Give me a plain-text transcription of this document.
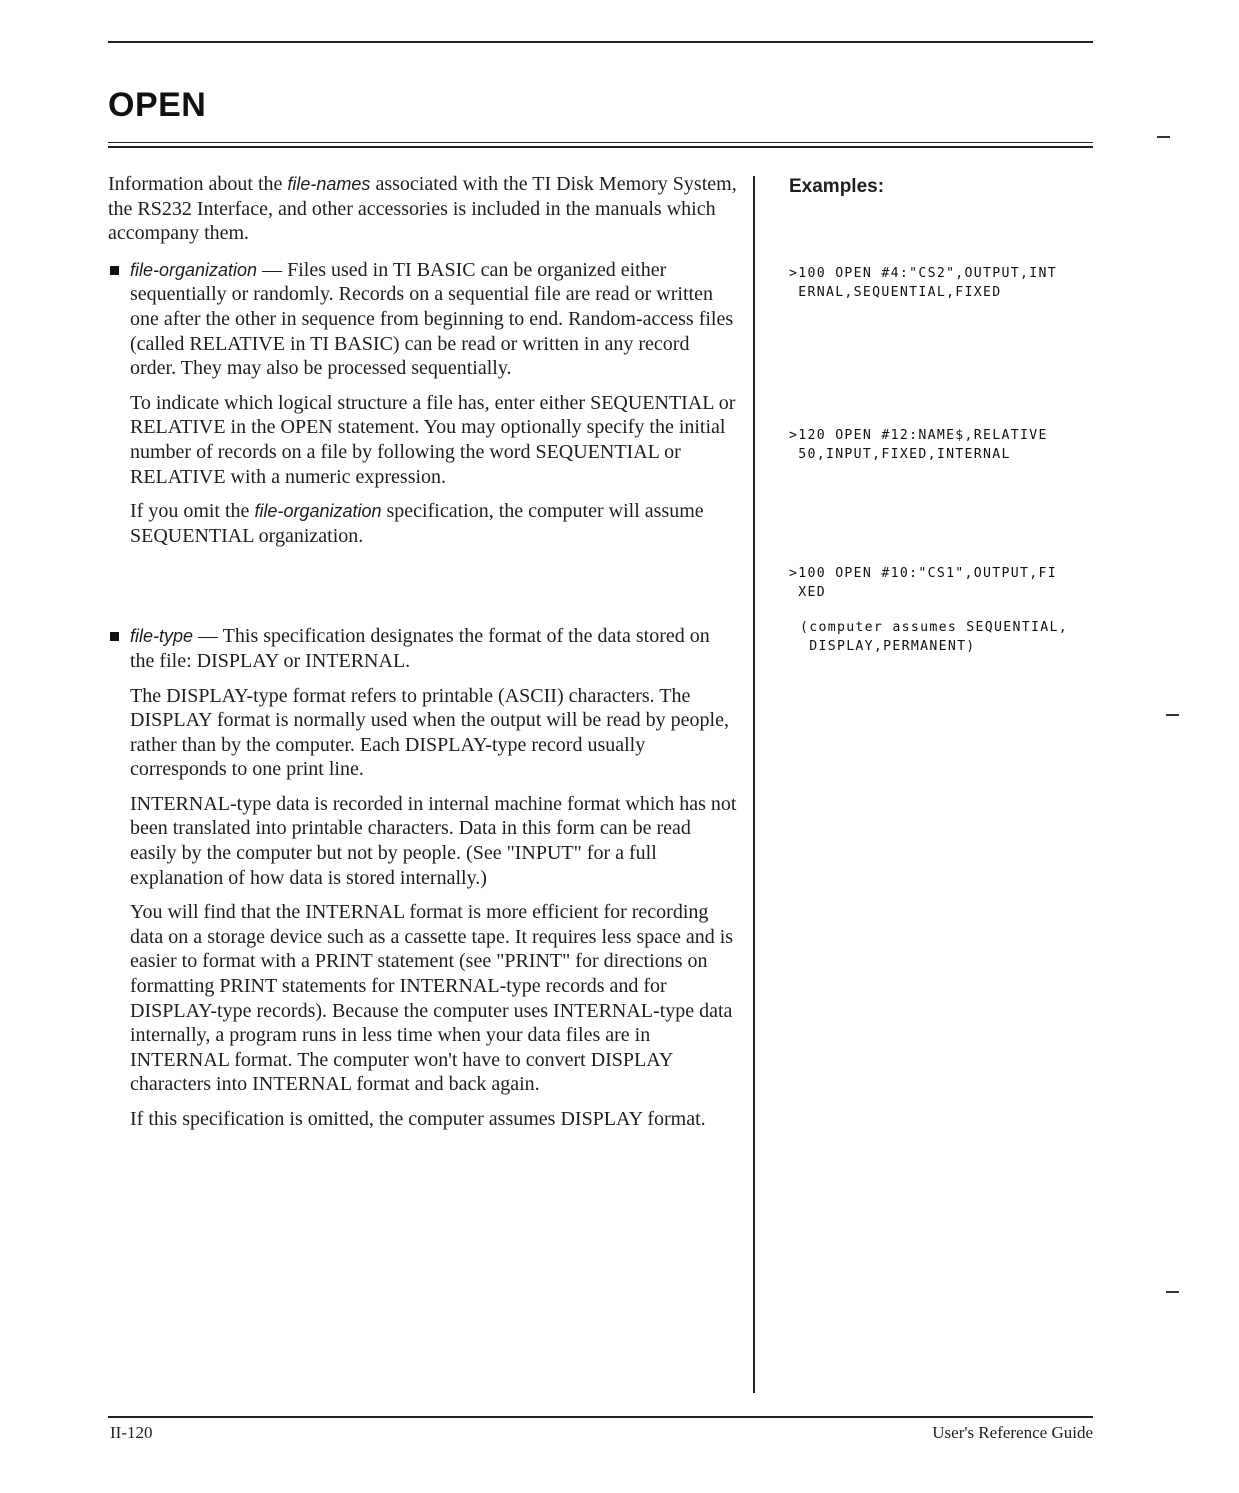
OPEN

Information about the file-names associated with the TI Disk Memory System, the RS232 Interface, and other accessories is included in the manuals which accompany them.

file-organization — Files used in TI BASIC can be organized either sequentially or randomly. Records on a sequential file are read or written one after the other in sequence from beginning to end. Random-access files (called RELATIVE in TI BASIC) can be read or written in any record order. They may also be processed sequentially.

To indicate which logical structure a file has, enter either SEQUENTIAL or RELATIVE in the OPEN statement. You may optionally specify the initial number of records on a file by following the word SEQUENTIAL or RELATIVE with a numeric expression.

If you omit the file-organization specification, the computer will assume SEQUENTIAL organization.

file-type — This specification designates the format of the data stored on the file: DISPLAY or INTERNAL.

The DISPLAY-type format refers to printable (ASCII) characters. The DISPLAY format is normally used when the output will be read by people, rather than by the computer. Each DISPLAY-type record usually corresponds to one print line.

INTERNAL-type data is recorded in internal machine format which has not been translated into printable characters. Data in this form can be read easily by the computer but not by people. (See "INPUT" for a full explanation of how data is stored internally.)

You will find that the INTERNAL format is more efficient for recording data on a storage device such as a cassette tape. It requires less space and is easier to format with a PRINT statement (see "PRINT" for directions on formatting PRINT statements for INTERNAL-type records and for DISPLAY-type records). Because the computer uses INTERNAL-type data internally, a program runs in less time when your data files are in INTERNAL format. The computer won't have to convert DISPLAY characters into INTERNAL format and back again.

If this specification is omitted, the computer assumes DISPLAY format.

Examples:

>100 OPEN #4:"CS2",OUTPUT,INT
ERNAL,SEQUENTIAL,FIXED
>120 OPEN #12:NAME$,RELATIVE
50,INPUT,FIXED,INTERNAL
>100 OPEN #10:"CS1",OUTPUT,FI
XED
(computer assumes SEQUENTIAL,
DISPLAY,PERMANENT)

II-120	User's Reference Guide
